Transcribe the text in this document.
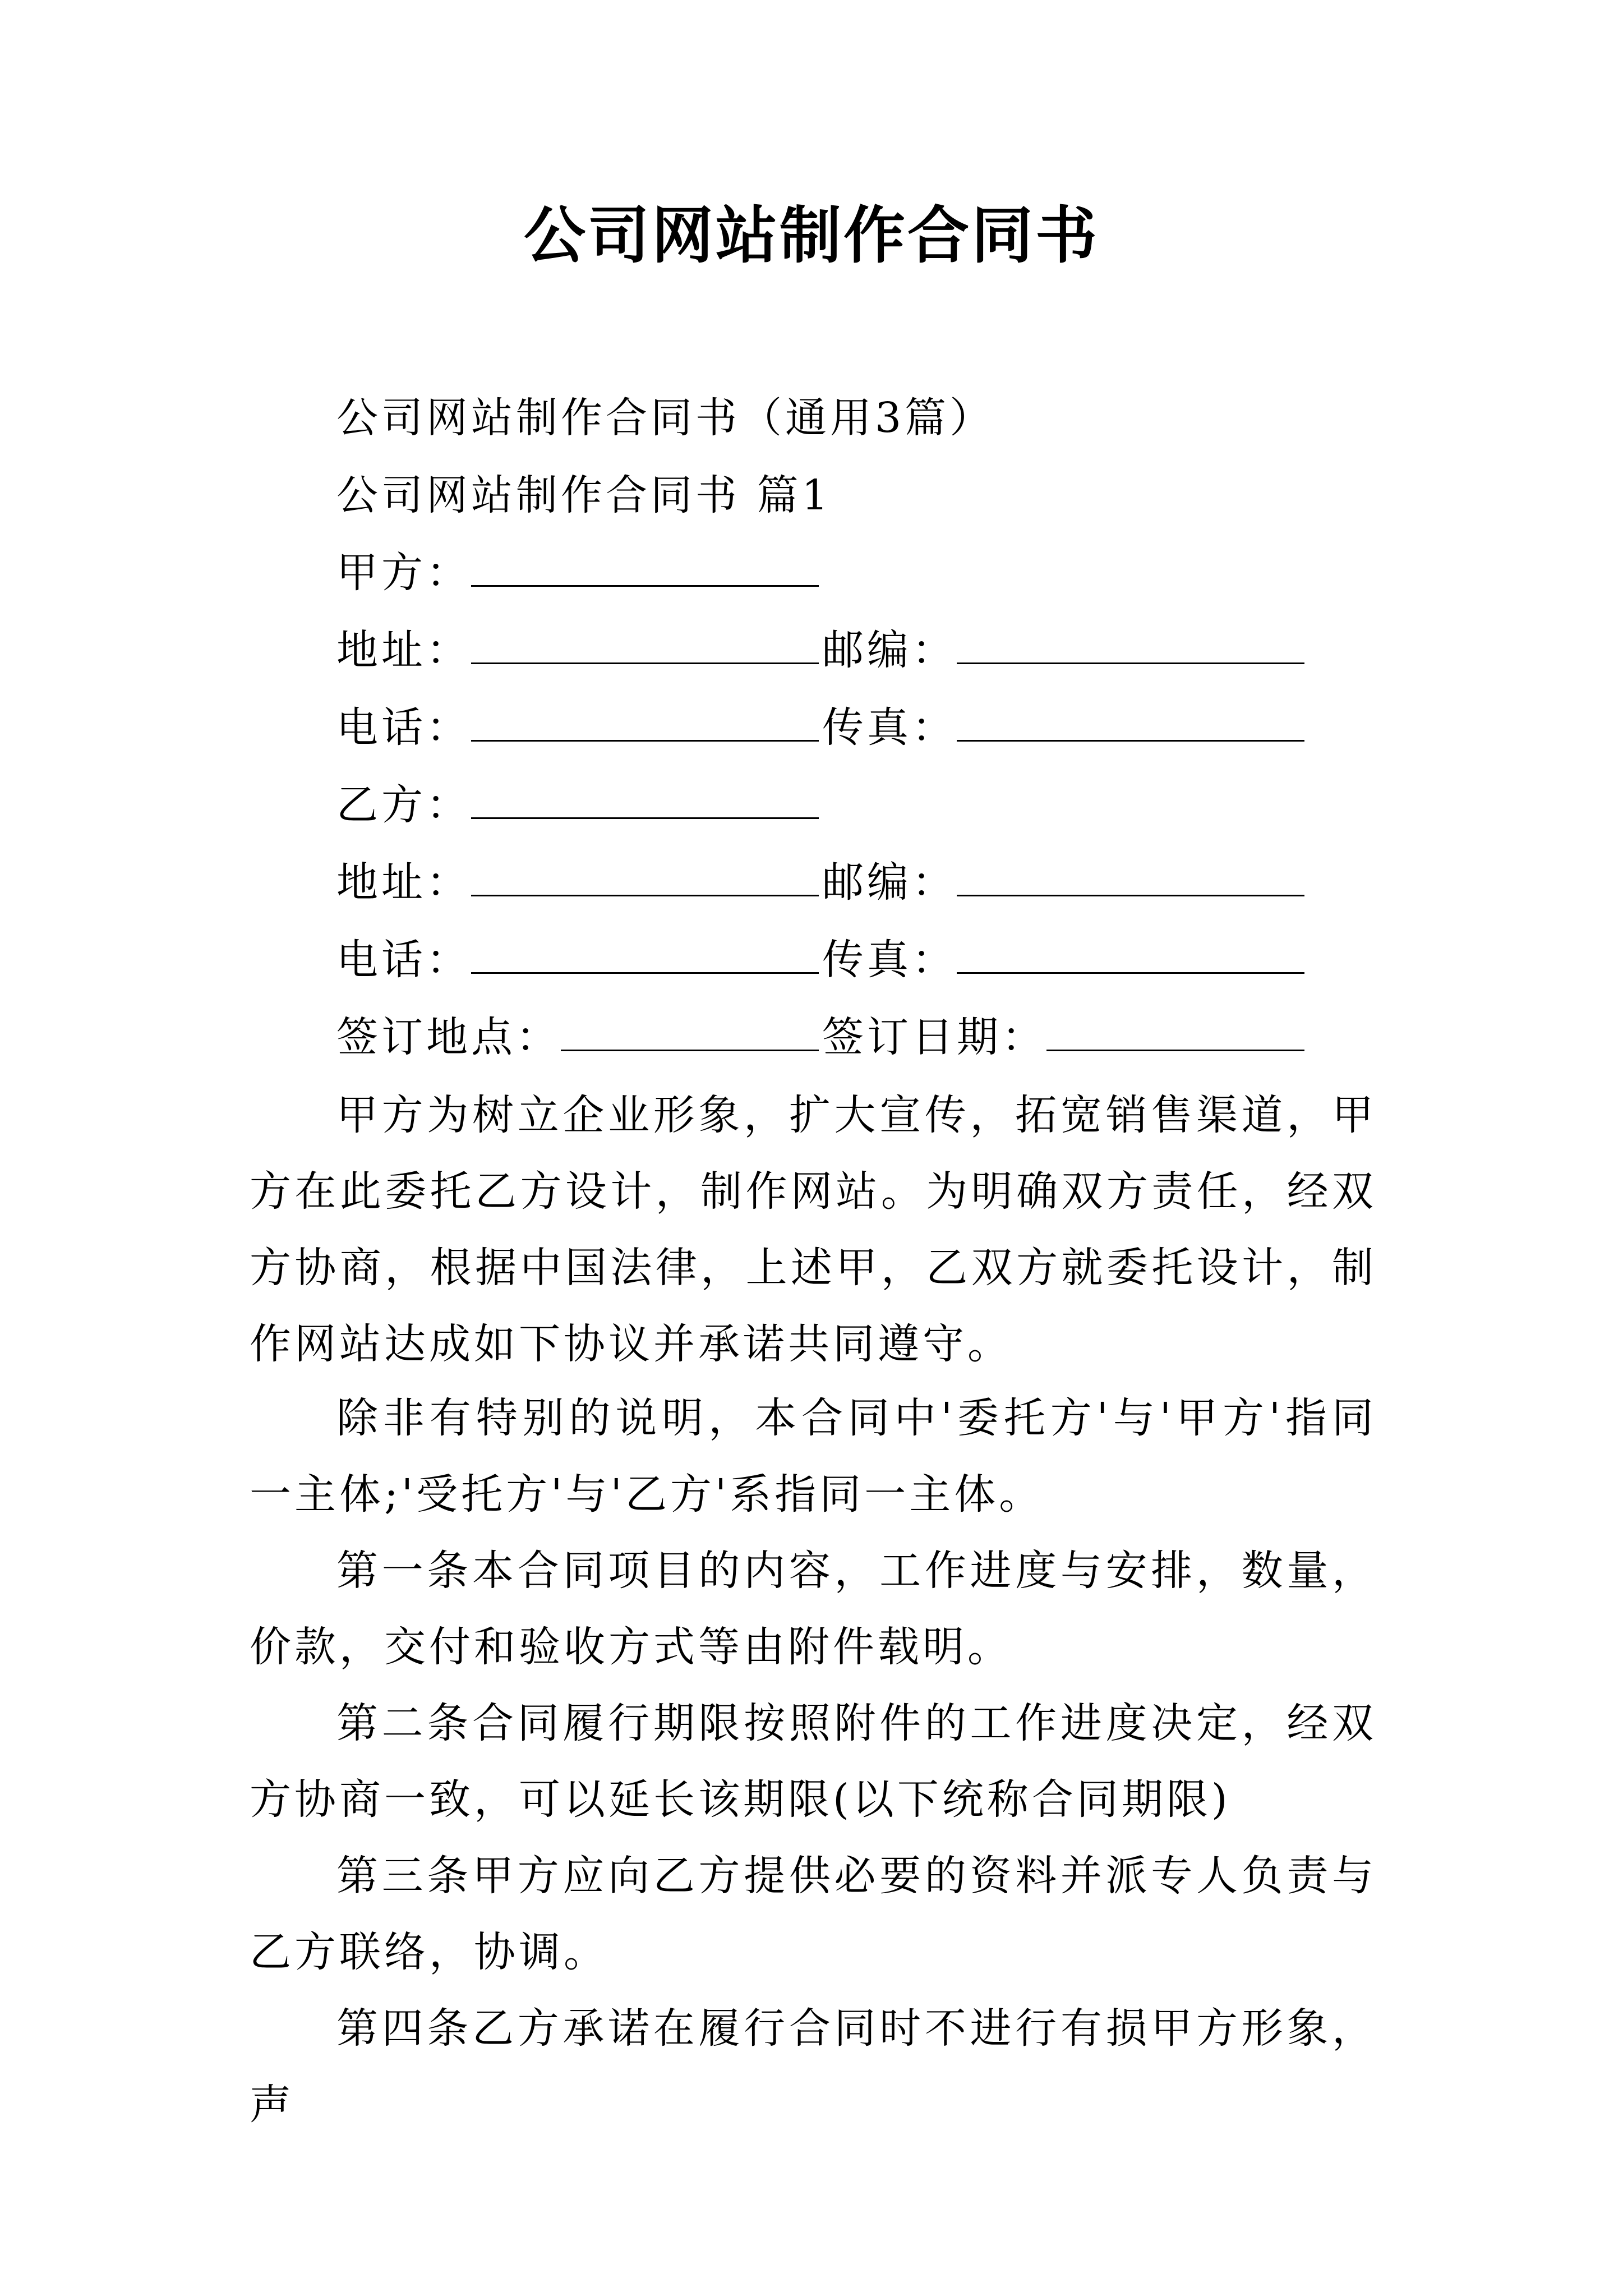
公司网站制作合同书
公司网站制作合同书（通用3篇）
公司网站制作合同书 篇1
甲方：
地址：	邮编：
电话：	传真：
乙方：
地址：	邮编：
电话：	传真：
签订地点：	签订日期：

甲方为树立企业形象，扩大宣传，拓宽销售渠道，甲方在此委托乙方设计，制作网站。为明确双方责任，经双方协商，根据中国法律，上述甲，乙双方就委托设计，制作网站达成如下协议并承诺共同遵守。

除非有特别的说明，本合同中'委托方'与'甲方'指同一主体;'受托方'与'乙方'系指同一主体。

第一条本合同项目的内容，工作进度与安排，数量，价款，交付和验收方式等由附件载明。

第二条合同履行期限按照附件的工作进度决定，经双方协商一致，可以延长该期限(以下统称合同期限)

第三条甲方应向乙方提供必要的资料并派专人负责与乙方联络，协调。

第四条乙方承诺在履行合同时不进行有损甲方形象，声
